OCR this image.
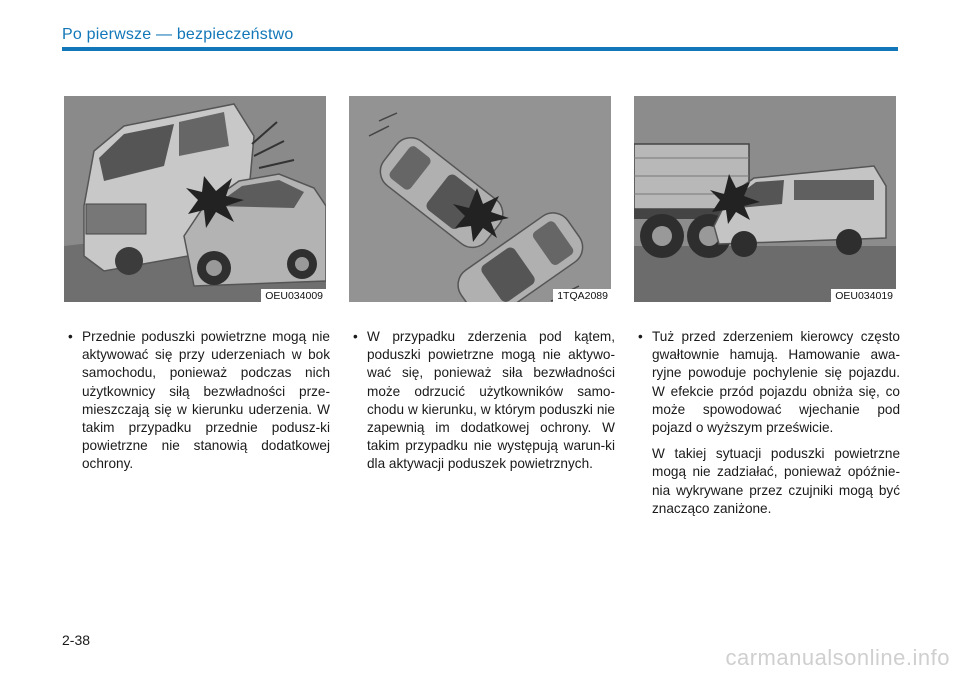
Po pierwsze — bezpieczeństwo
OEU034009	1TQA2089	OEU034019

• Przednie poduszki powietrzne mogą nie aktywować się przy uderzeniach w bok samochodu, ponieważ podczas nich użytkownicy siłą bezwładności prze-mieszczają się w kierunku uderzenia. W takim przypadku przednie podusz-ki powietrzne nie stanowią dodatkowej ochrony.

• W przypadku zderzenia pod kątem, poduszki powietrzne mogą nie aktywo-wać się, ponieważ siła bezwładności może odrzucić użytkowników samo-chodu w kierunku, w którym poduszki nie zapewnią im dodatkowej ochrony. W takim przypadku nie występują warun-ki dla aktywacji poduszek powietrznych.

• Tuż przed zderzeniem kierowcy często gwałtownie hamują. Hamowanie awa-ryjne powoduje pochylenie się pojazdu. W efekcie przód pojazdu obniża się, co może spowodować wjechanie pod pojazd o wyższym prześwicie.

W takiej sytuacji poduszki powietrzne mogą nie zadziałać, ponieważ opóźnie-nia wykrywane przez czujniki mogą być znacząco zaniżone.

2-38
carmanualsonline.info
